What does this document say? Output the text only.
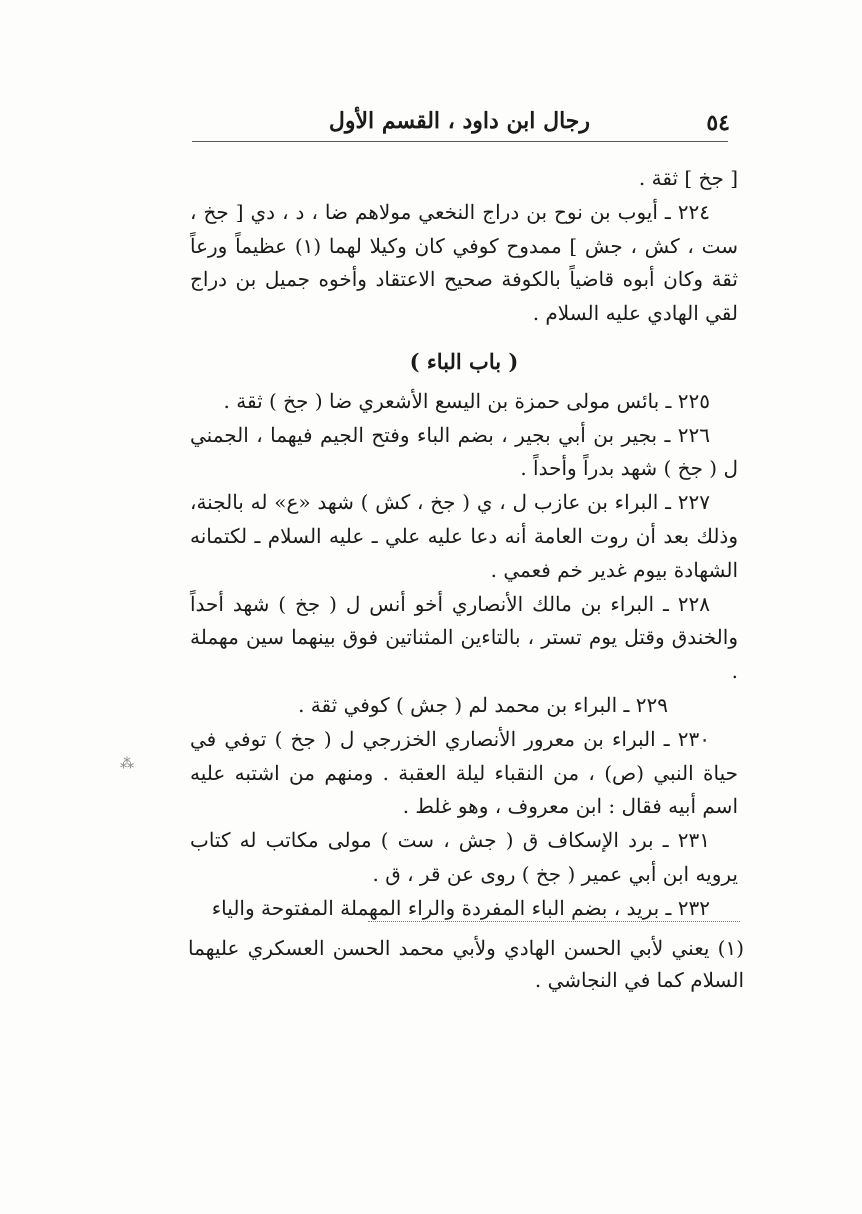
رجال ابن داود ، القسم الأول	٥٤

[ جخ ] ثقة .

٢٢٤ ـ أيوب بن نوح بن دراج النخعي مولاهم ضا ، د ، دي [ جخ ، ست ، كش ، جش ] ممدوح كوفي كان وكيلا لهما (١) عظيماً ورعاً ثقة وكان أبوه قاضياً بالكوفة صحيح الاعتقاد وأخوه جميل بن دراج لقي الهادي عليه السلام .

( باب الباء )

٢٢٥ ـ بائس مولى حمزة بن اليسع الأشعري ضا ( جخ ) ثقة .

٢٢٦ ـ بجير بن أبي بجير ، بضم الباء وفتح الجيم فيهما ، الجمني ل ( جخ ) شهد بدراً وأحداً .

٢٢٧ ـ البراء بن عازب ل ، ي ( جخ ، كش ) شهد «ع» له بالجنة، وذلك بعد أن روت العامة أنه دعا عليه علي ـ عليه السلام ـ لكتمانه الشهادة بيوم غدير خم فعمي .

٢٢٨ ـ البراء بن مالك الأنصاري أخو أنس ل ( جخ ) شهد أحداً والخندق وقتل يوم تستر ، بالتاءين المثناتين فوق بينهما سين مهملة .

٢٢٩ ـ البراء بن محمد لم ( جش ) كوفي ثقة .

٢٣٠ ـ البراء بن معرور الأنصاري الخزرجي ل ( جخ ) توفي في حياة النبي (ص) ، من النقباء ليلة العقبة . ومنهم من اشتبه عليه اسم أبيه فقال : ابن معروف ، وهو غلط .

٢٣١ ـ برد الإسكاف ق ( جش ، ست ) مولى مكاتب له كتاب يرويه ابن أبي عمير ( جخ ) روى عن قر ، ق .

٢٣٢ ـ بريد ، بضم الباء المفردة والراء المهملة المفتوحة والياء

(١) يعني لأبي الحسن الهادي ولأبي محمد الحسن العسكري عليهما السلام كما في النجاشي .

⁂
